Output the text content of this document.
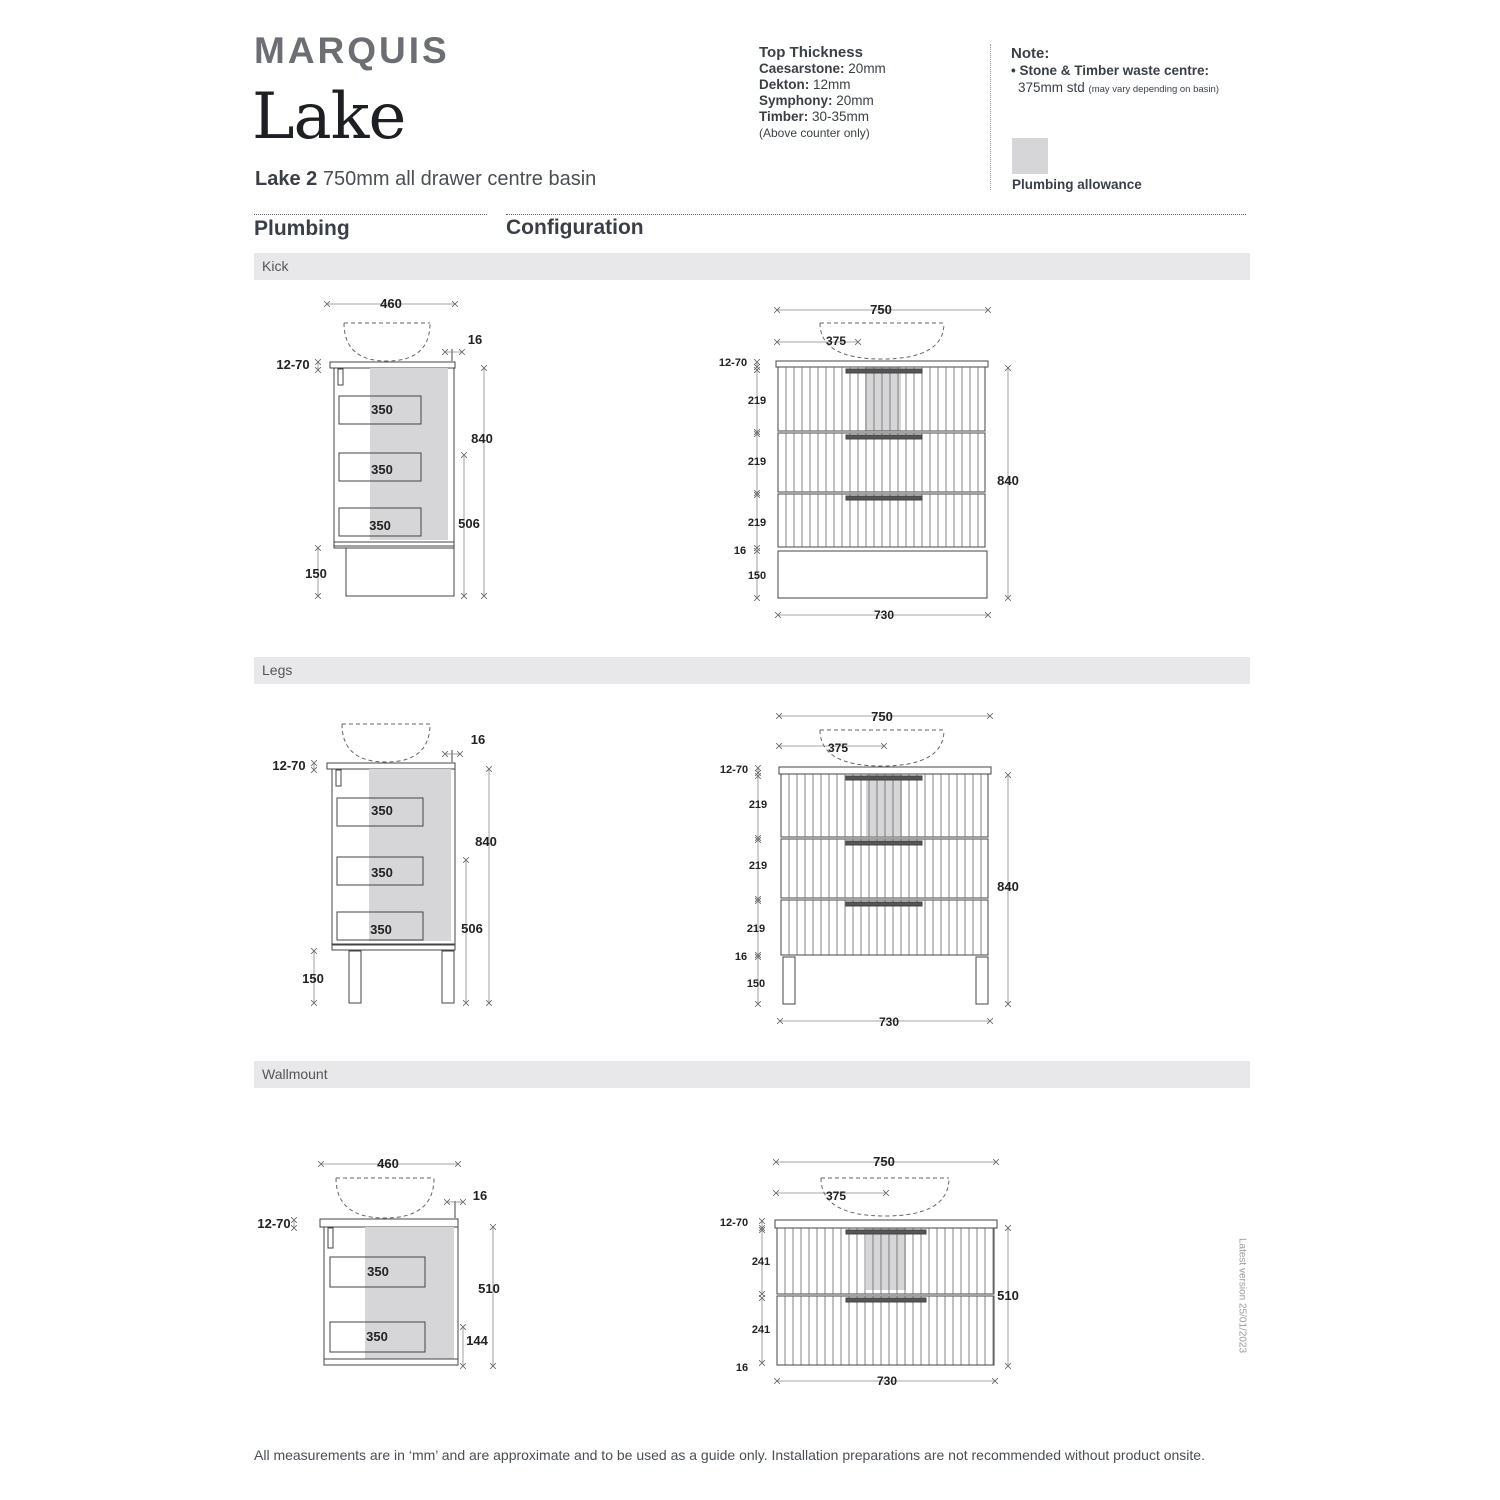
MARQUIS
Lake
Lake 2 750mm all drawer centre basin
Top Thickness
Caesarstone: 20mm
Dekton: 12mm
Symphony: 20mm
Timber: 30-35mm
(Above counter only)
Note:
• Stone & Timber waste centre:
375mm std (may vary depending on basin)
Plumbing allowance
Plumbing	Configuration
Kick
Legs
Wallmount
460
16
350
350
350
12-70
150
840
506
750
375
12-70
219
219
219
16
150
840
730
16
350
350
350
12-70
150
840
506
750
375
12-70
219
219
219
16
150
840
730
460
16
350
350
12-70
510
144
750
375
12-70
241
241
16
510
730
Latest version 25/01/2023
All measurements are in ‘mm’ and are approximate and to be used as a guide only. Installation preparations are not recommended without product onsite.
